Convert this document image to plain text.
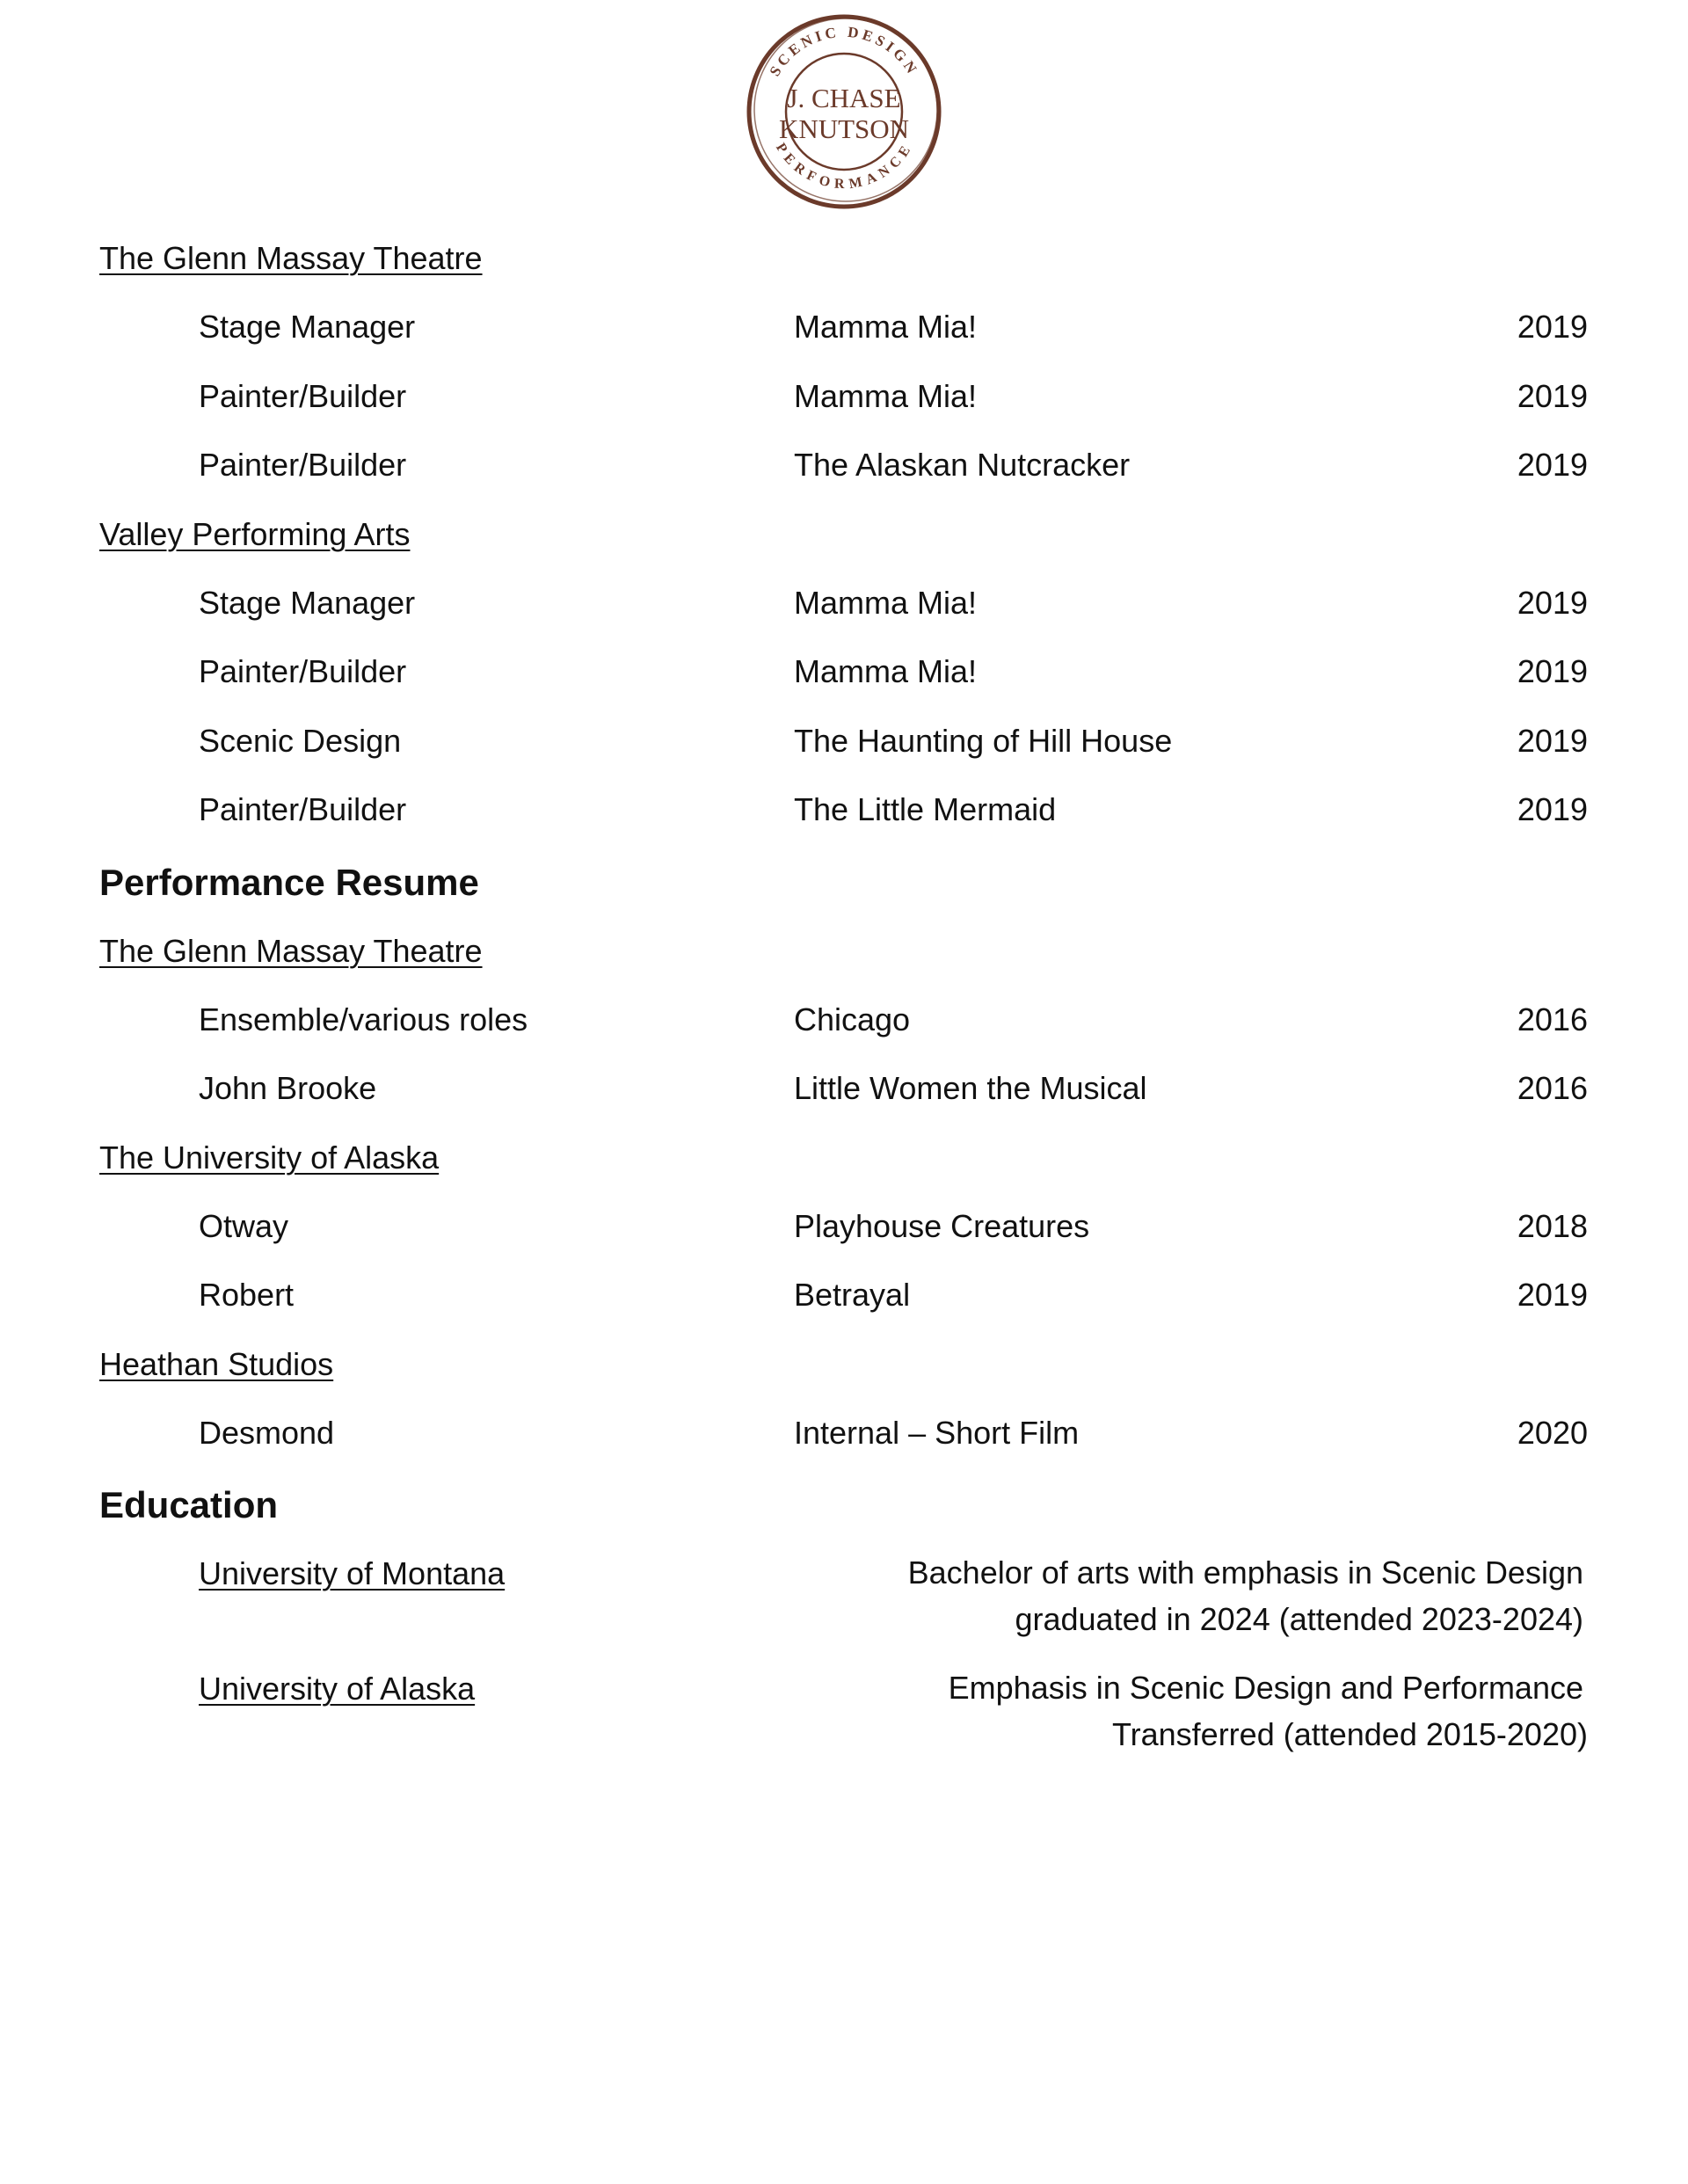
SCENIC DESIGN
PERFORMANCE
J. CHASE
KNUTSON
The Glenn Massay Theatre
Stage Manager	Mamma Mia!	2019
Painter/Builder	Mamma Mia!	2019
Painter/Builder	The Alaskan Nutcracker	2019
Valley Performing Arts
Stage Manager	Mamma Mia!	2019
Painter/Builder	Mamma Mia!	2019
Scenic Design	The Haunting of Hill House	2019
Painter/Builder	The Little Mermaid	2019
Performance Resume
The Glenn Massay Theatre
Ensemble/various roles	Chicago	2016
John Brooke	Little Women the Musical	2016
The University of Alaska
Otway	Playhouse Creatures	2018
Robert	Betrayal	2019
Heathan Studios
Desmond	Internal – Short Film	2020
Education
University of Montana	Bachelor of arts with emphasis in Scenic Design
graduated in 2024 (attended 2023-2024)
University of Alaska	Emphasis in Scenic Design and Performance
Transferred (attended 2015-2020)
